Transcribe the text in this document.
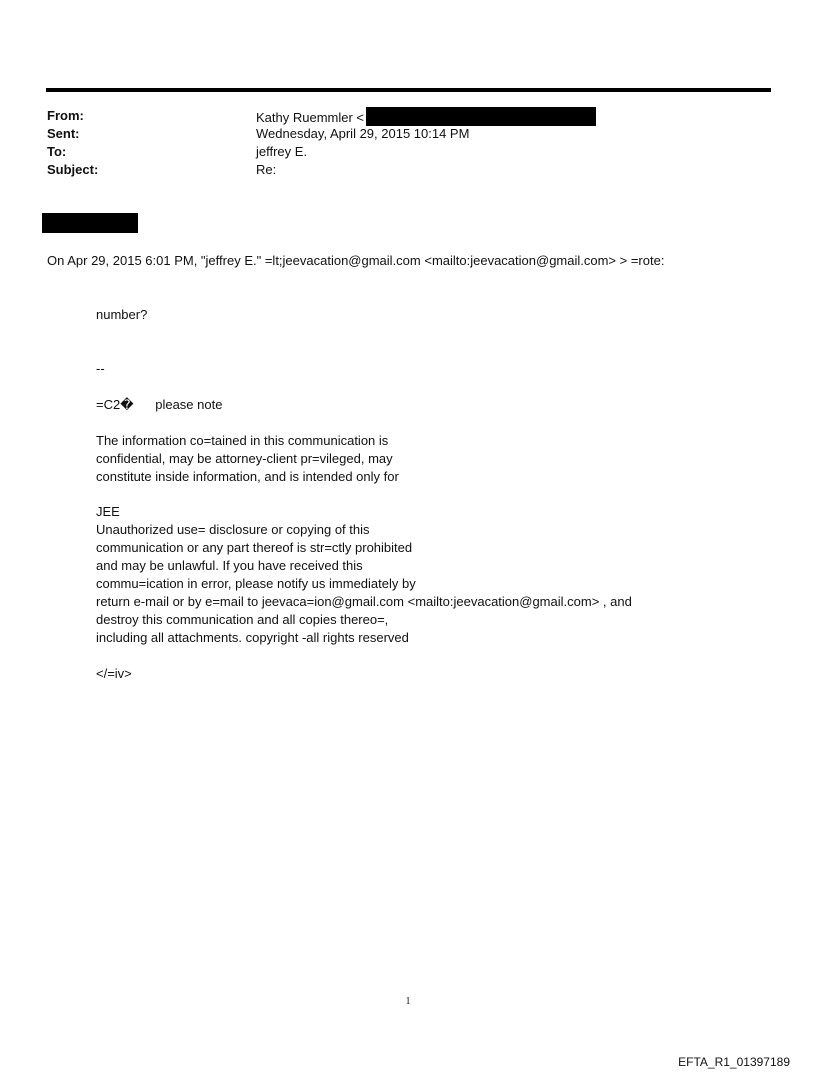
From:	Kathy Ruemmler <
Sent:	Wednesday, April 29, 2015 10:14 PM
To:	jeffrey E.
Subject:	Re:
On Apr 29, 2015 6:01 PM, "jeffrey E." =lt;jeevacation@gmail.com <mailto:jeevacation@gmail.com> > =rote:
number?
--
=C2�      please note
The information co=tained in this communication is
confidential, may be attorney-client pr=vileged, may
constitute inside information, and is intended only for
JEE
Unauthorized use= disclosure or copying of this
communication or any part thereof is str=ctly prohibited
and may be unlawful. If you have received this
commu=ication in error, please notify us immediately by
return e-mail or by e=mail to jeevaca=ion@gmail.com <mailto:jeevacation@gmail.com> , and
destroy this communication and all copies thereo=,
including all attachments. copyright -all rights reserved
</=iv>
1
EFTA_R1_01397189
